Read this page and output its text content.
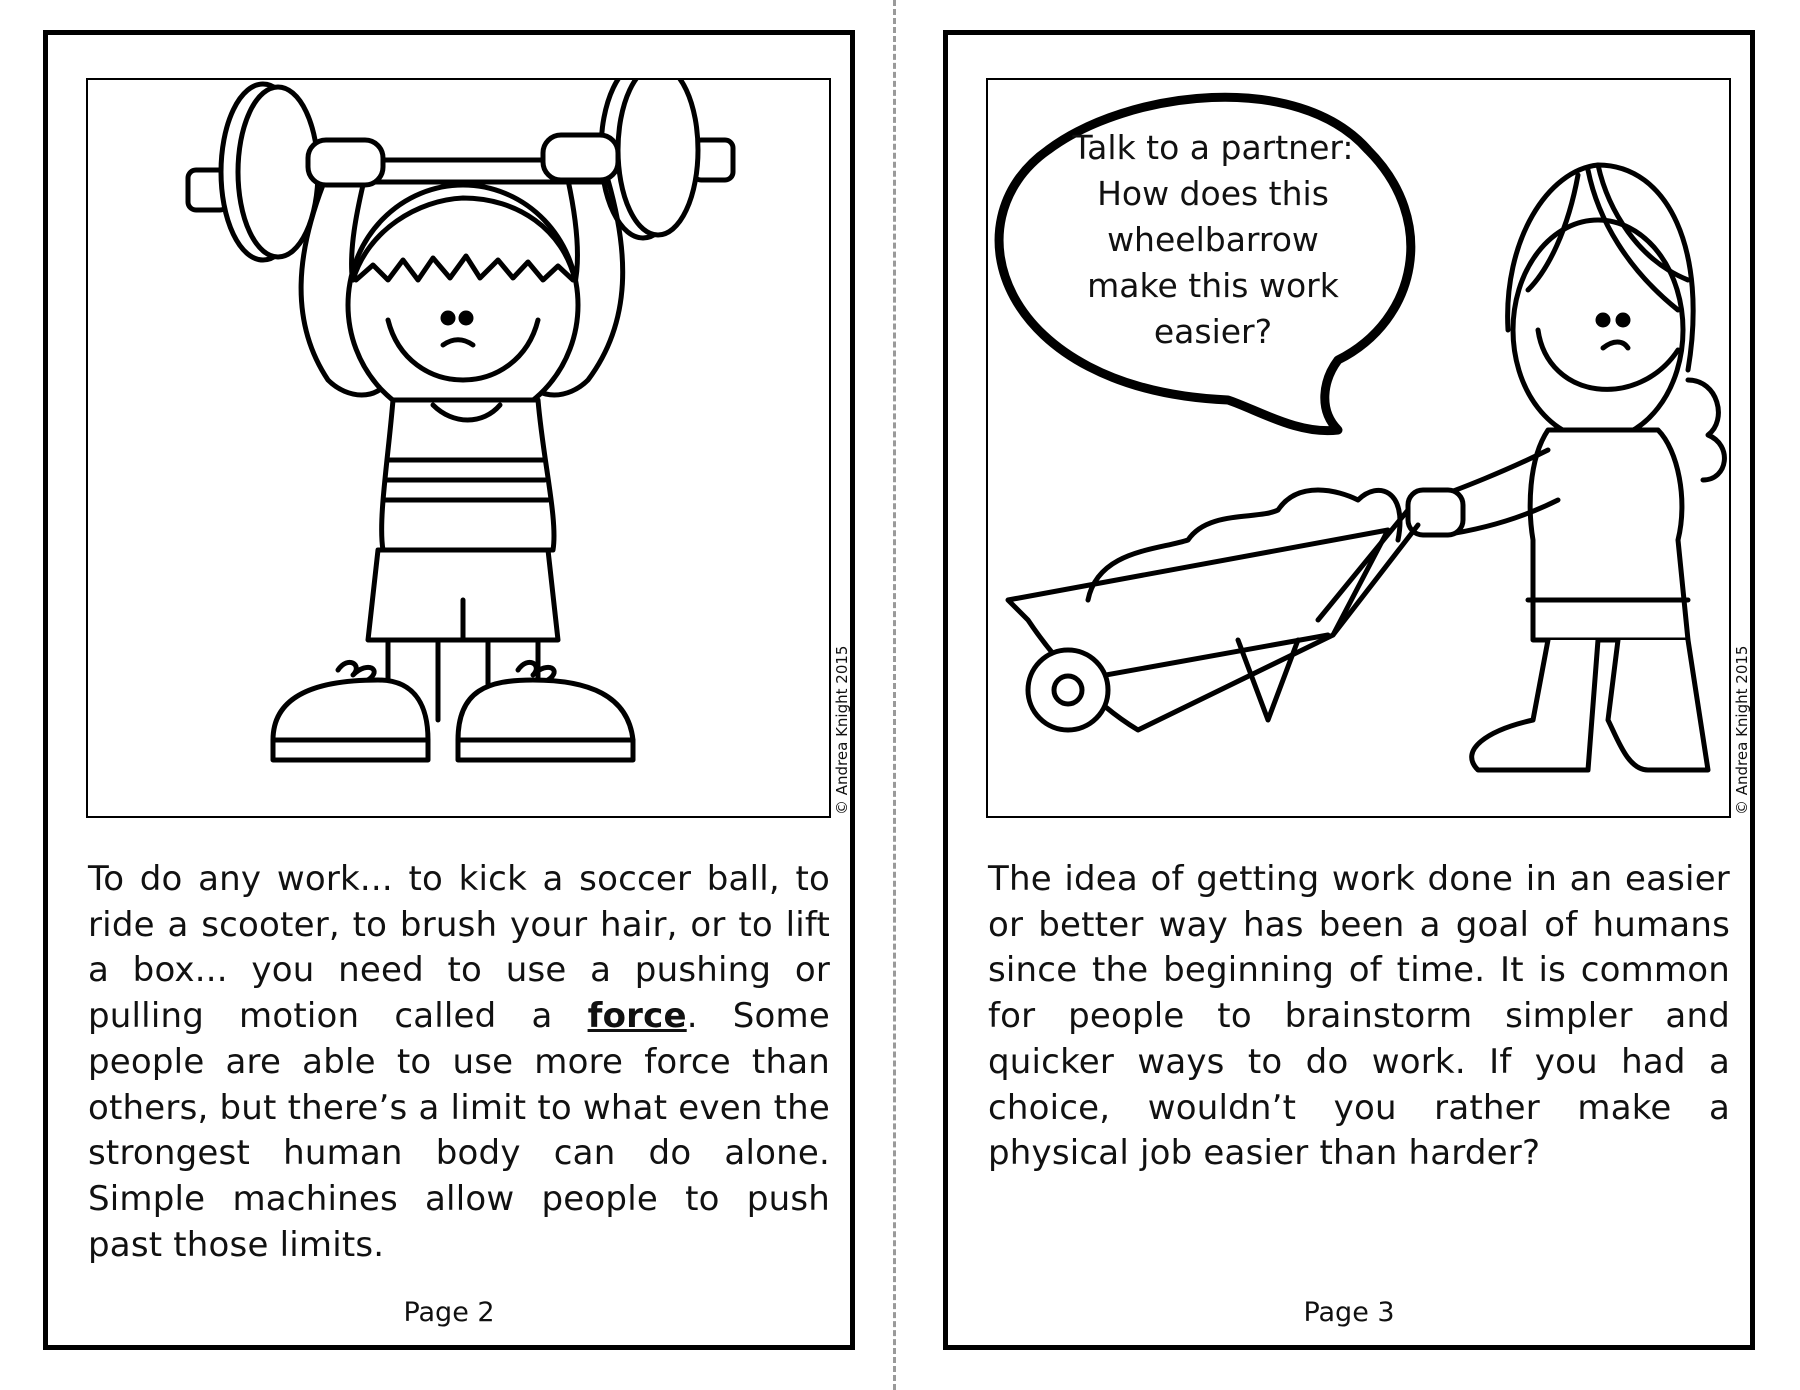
© Andrea Knight 2015
To do any work... to kick a soccer ball, to ride a scooter, to brush your hair, or to lift a box... you need to use a pushing or pulling motion called a force. Some people are able to use more force than others, but there’s a limit to what even the strongest human body can do alone. Simple machines allow people to push past those limits.
Page 2
Talk to a partner:
How does this
wheelbarrow
make this work
easier?
© Andrea Knight 2015
The idea of getting work done in an easier or better way has been a goal of humans since the beginning of time. It is common for people to brainstorm simpler and quicker ways to do work. If you had a choice, wouldn’t you rather make a physical job easier than harder?
Page 3
